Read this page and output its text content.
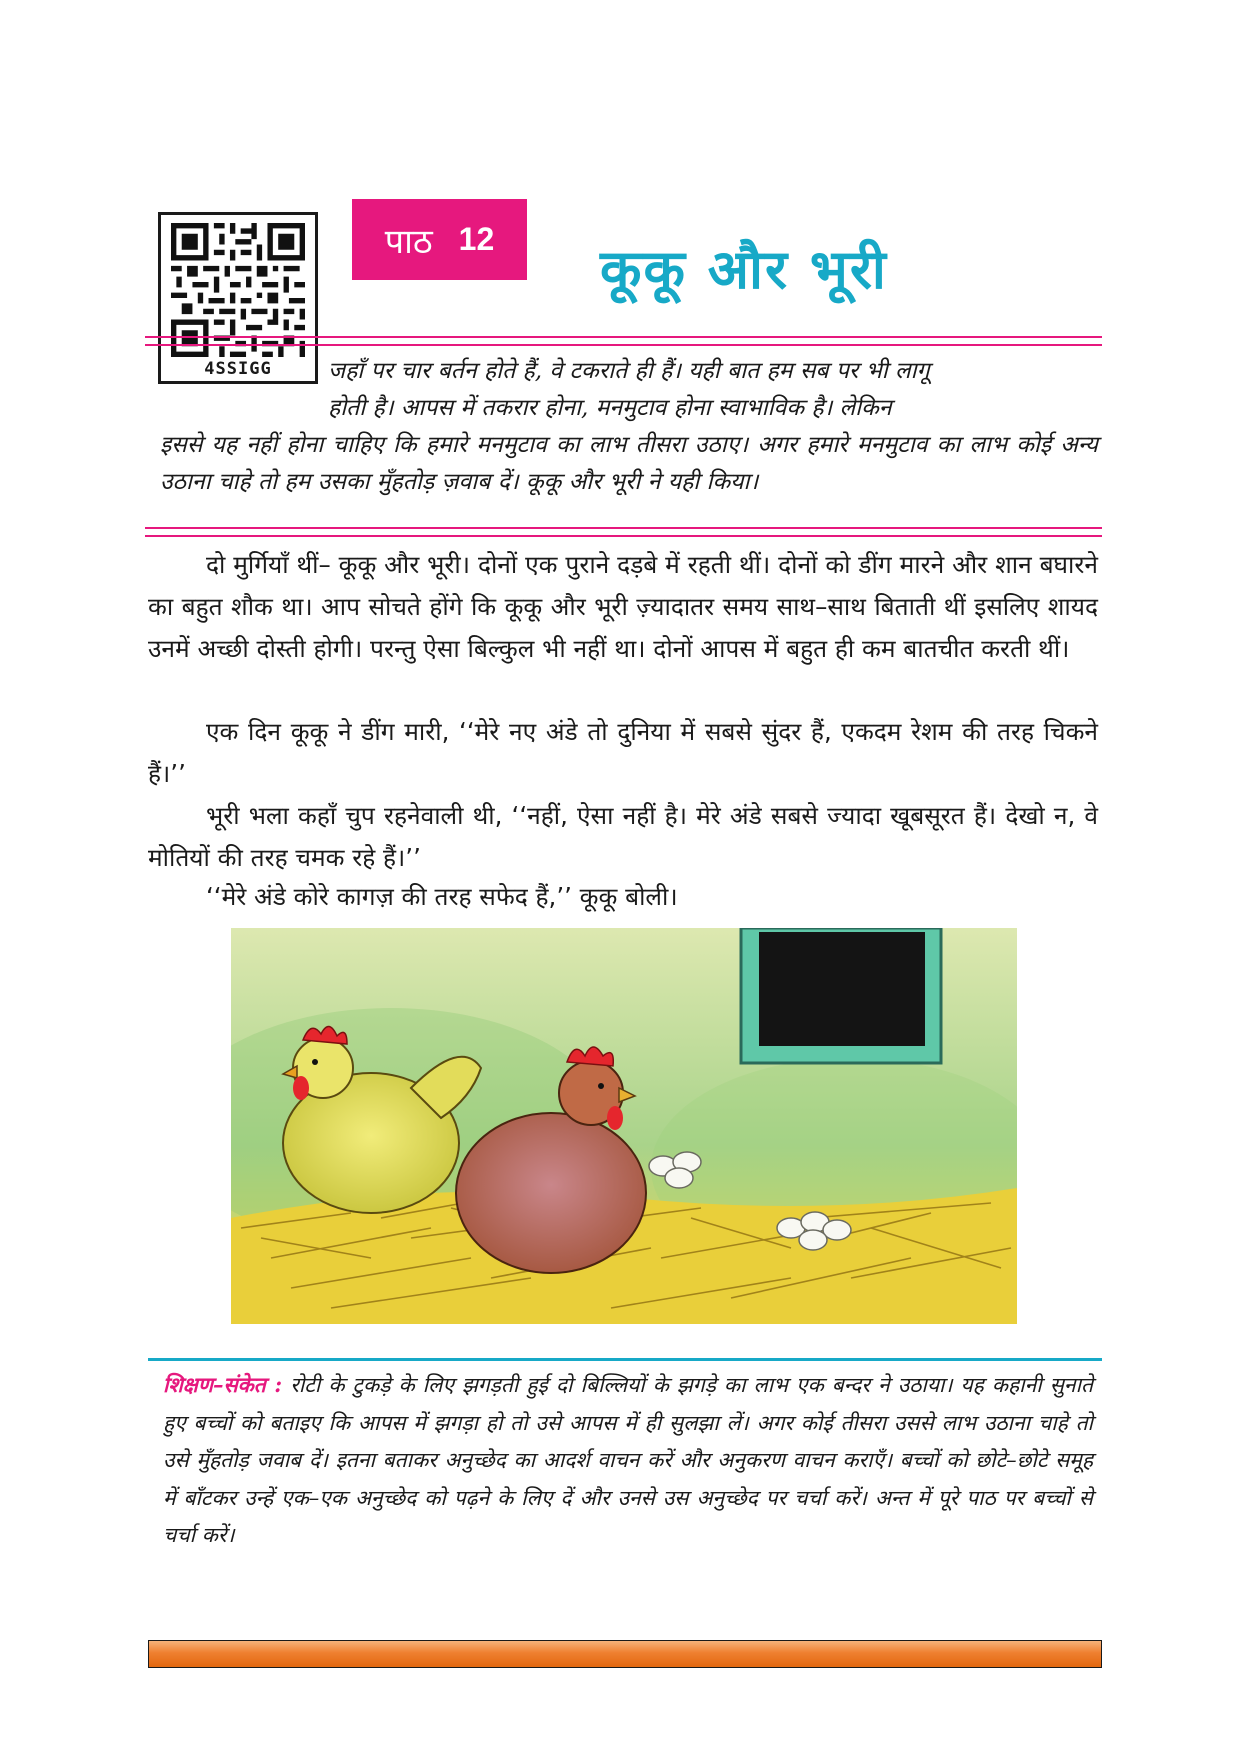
4SSIGG
पाठ 12 कूकू और भूरी
जहाँ पर चार बर्तन होते हैं, वे टकराते ही हैं। यही बात हम सब पर भी लागू
होती है। आपस में तकरार होना, मनमुटाव होना स्वाभाविक है। लेकिन
इससे यह नहीं होना चाहिए कि हमारे मनमुटाव का लाभ तीसरा उठाए। अगर हमारे मनमुटाव का लाभ कोई अन्य उठाना चाहे तो हम उसका मुँहतोड़ ज़वाब दें। कूकू और भूरी ने यही किया।

दो मुर्गियाँ थीं– कूकू और भूरी। दोनों एक पुराने दड़बे में रहती थीं। दोनों को डींग मारने और शान बघारने का बहुत शौक था। आप सोचते होंगे कि कूकू और भूरी ज़्यादातर समय साथ–साथ बिताती थीं इसलिए शायद उनमें अच्छी दोस्ती होगी। परन्तु ऐसा बिल्कुल भी नहीं था। दोनों आपस में बहुत ही कम बातचीत करती थीं।

एक दिन कूकू ने डींग मारी, ‘‘मेरे नए अंडे तो दुनिया में सबसे सुंदर हैं, एकदम रेशम की तरह चिकने हैं।’’

भूरी भला कहाँ चुप रहनेवाली थी, ‘‘नहीं, ऐसा नहीं है। मेरे अंडे सबसे ज्यादा खूबसूरत हैं। देखो न, वे मोतियों की तरह चमक रहे हैं।’’

‘‘मेरे अंडे कोरे कागज़ की तरह सफेद हैं,’’ कूकू बोली।

शिक्षण–संकेत : रोटी के टुकड़े के लिए झगड़ती हुई दो बिल्लियों के झगड़े का लाभ एक बन्दर ने उठाया। यह कहानी सुनाते हुए बच्चों को बताइए कि आपस में झगड़ा हो तो उसे आपस में ही सुलझा लें। अगर कोई तीसरा उससे लाभ उठाना चाहे तो उसे मुँहतोड़ जवाब दें। इतना बताकर अनुच्छेद का आदर्श वाचन करें और अनुकरण वाचन कराएँ। बच्चों को छोटे–छोटे समूह में बाँटकर उन्हें एक–एक अनुच्छेद को पढ़ने के लिए दें और उनसे उस अनुच्छेद पर चर्चा करें। अन्त में पूरे पाठ पर बच्चों से चर्चा करें।
